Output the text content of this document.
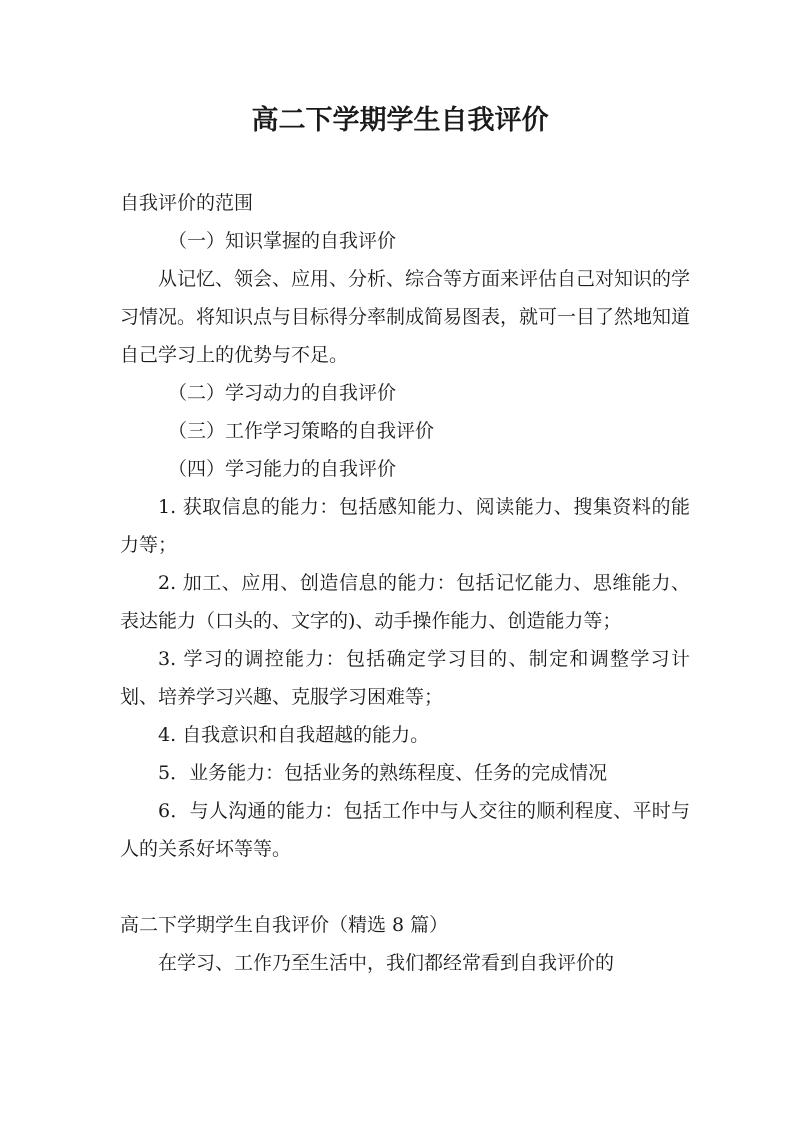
高二下学期学生自我评价

自我评价的范围

（一）知识掌握的自我评价

从记忆、领会、应用、分析、综合等方面来评估自己对知识的学习情况。将知识点与目标得分率制成简易图表，就可一目了然地知道自己学习上的优势与不足。

（二）学习动力的自我评价

（三）工作学习策略的自我评价

（四）学习能力的自我评价

1. 获取信息的能力：包括感知能力、阅读能力、搜集资料的能力等；

2. 加工、应用、创造信息的能力：包括记忆能力、思维能力、表达能力（口头的、文字的)、动手操作能力、创造能力等；

3. 学习的调控能力：包括确定学习目的、制定和调整学习计划、培养学习兴趣、克服学习困难等；

4. 自我意识和自我超越的能力。

5．业务能力：包括业务的熟练程度、任务的完成情况

6．与人沟通的能力：包括工作中与人交往的顺利程度、平时与人的关系好坏等等。

高二下学期学生自我评价（精选 8 篇）

在学习、工作乃至生活中，我们都经常看到自我评价的
